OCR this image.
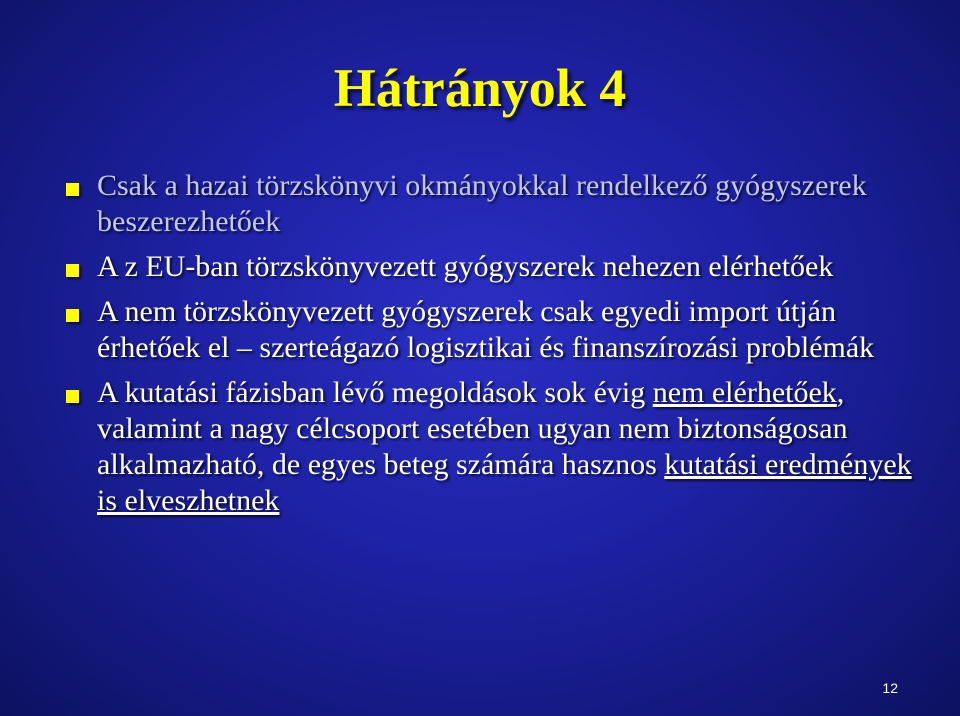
Hátrányok 4
Csak a hazai törzskönyvi okmányokkal rendelkező gyógyszerek beszerezhetőek
A z EU-ban törzskönyvezett gyógyszerek nehezen elérhetőek
A nem törzskönyvezett gyógyszerek csak egyedi import útján érhetőek el – szerteágazó logisztikai és finanszírozási problémák
A kutatási fázisban lévő megoldások sok évig nem elérhetőek, valamint a nagy célcsoport esetében ugyan nem biztonságosan alkalmazható, de egyes beteg számára hasznos kutatási eredmények is elveszhetnek
12
